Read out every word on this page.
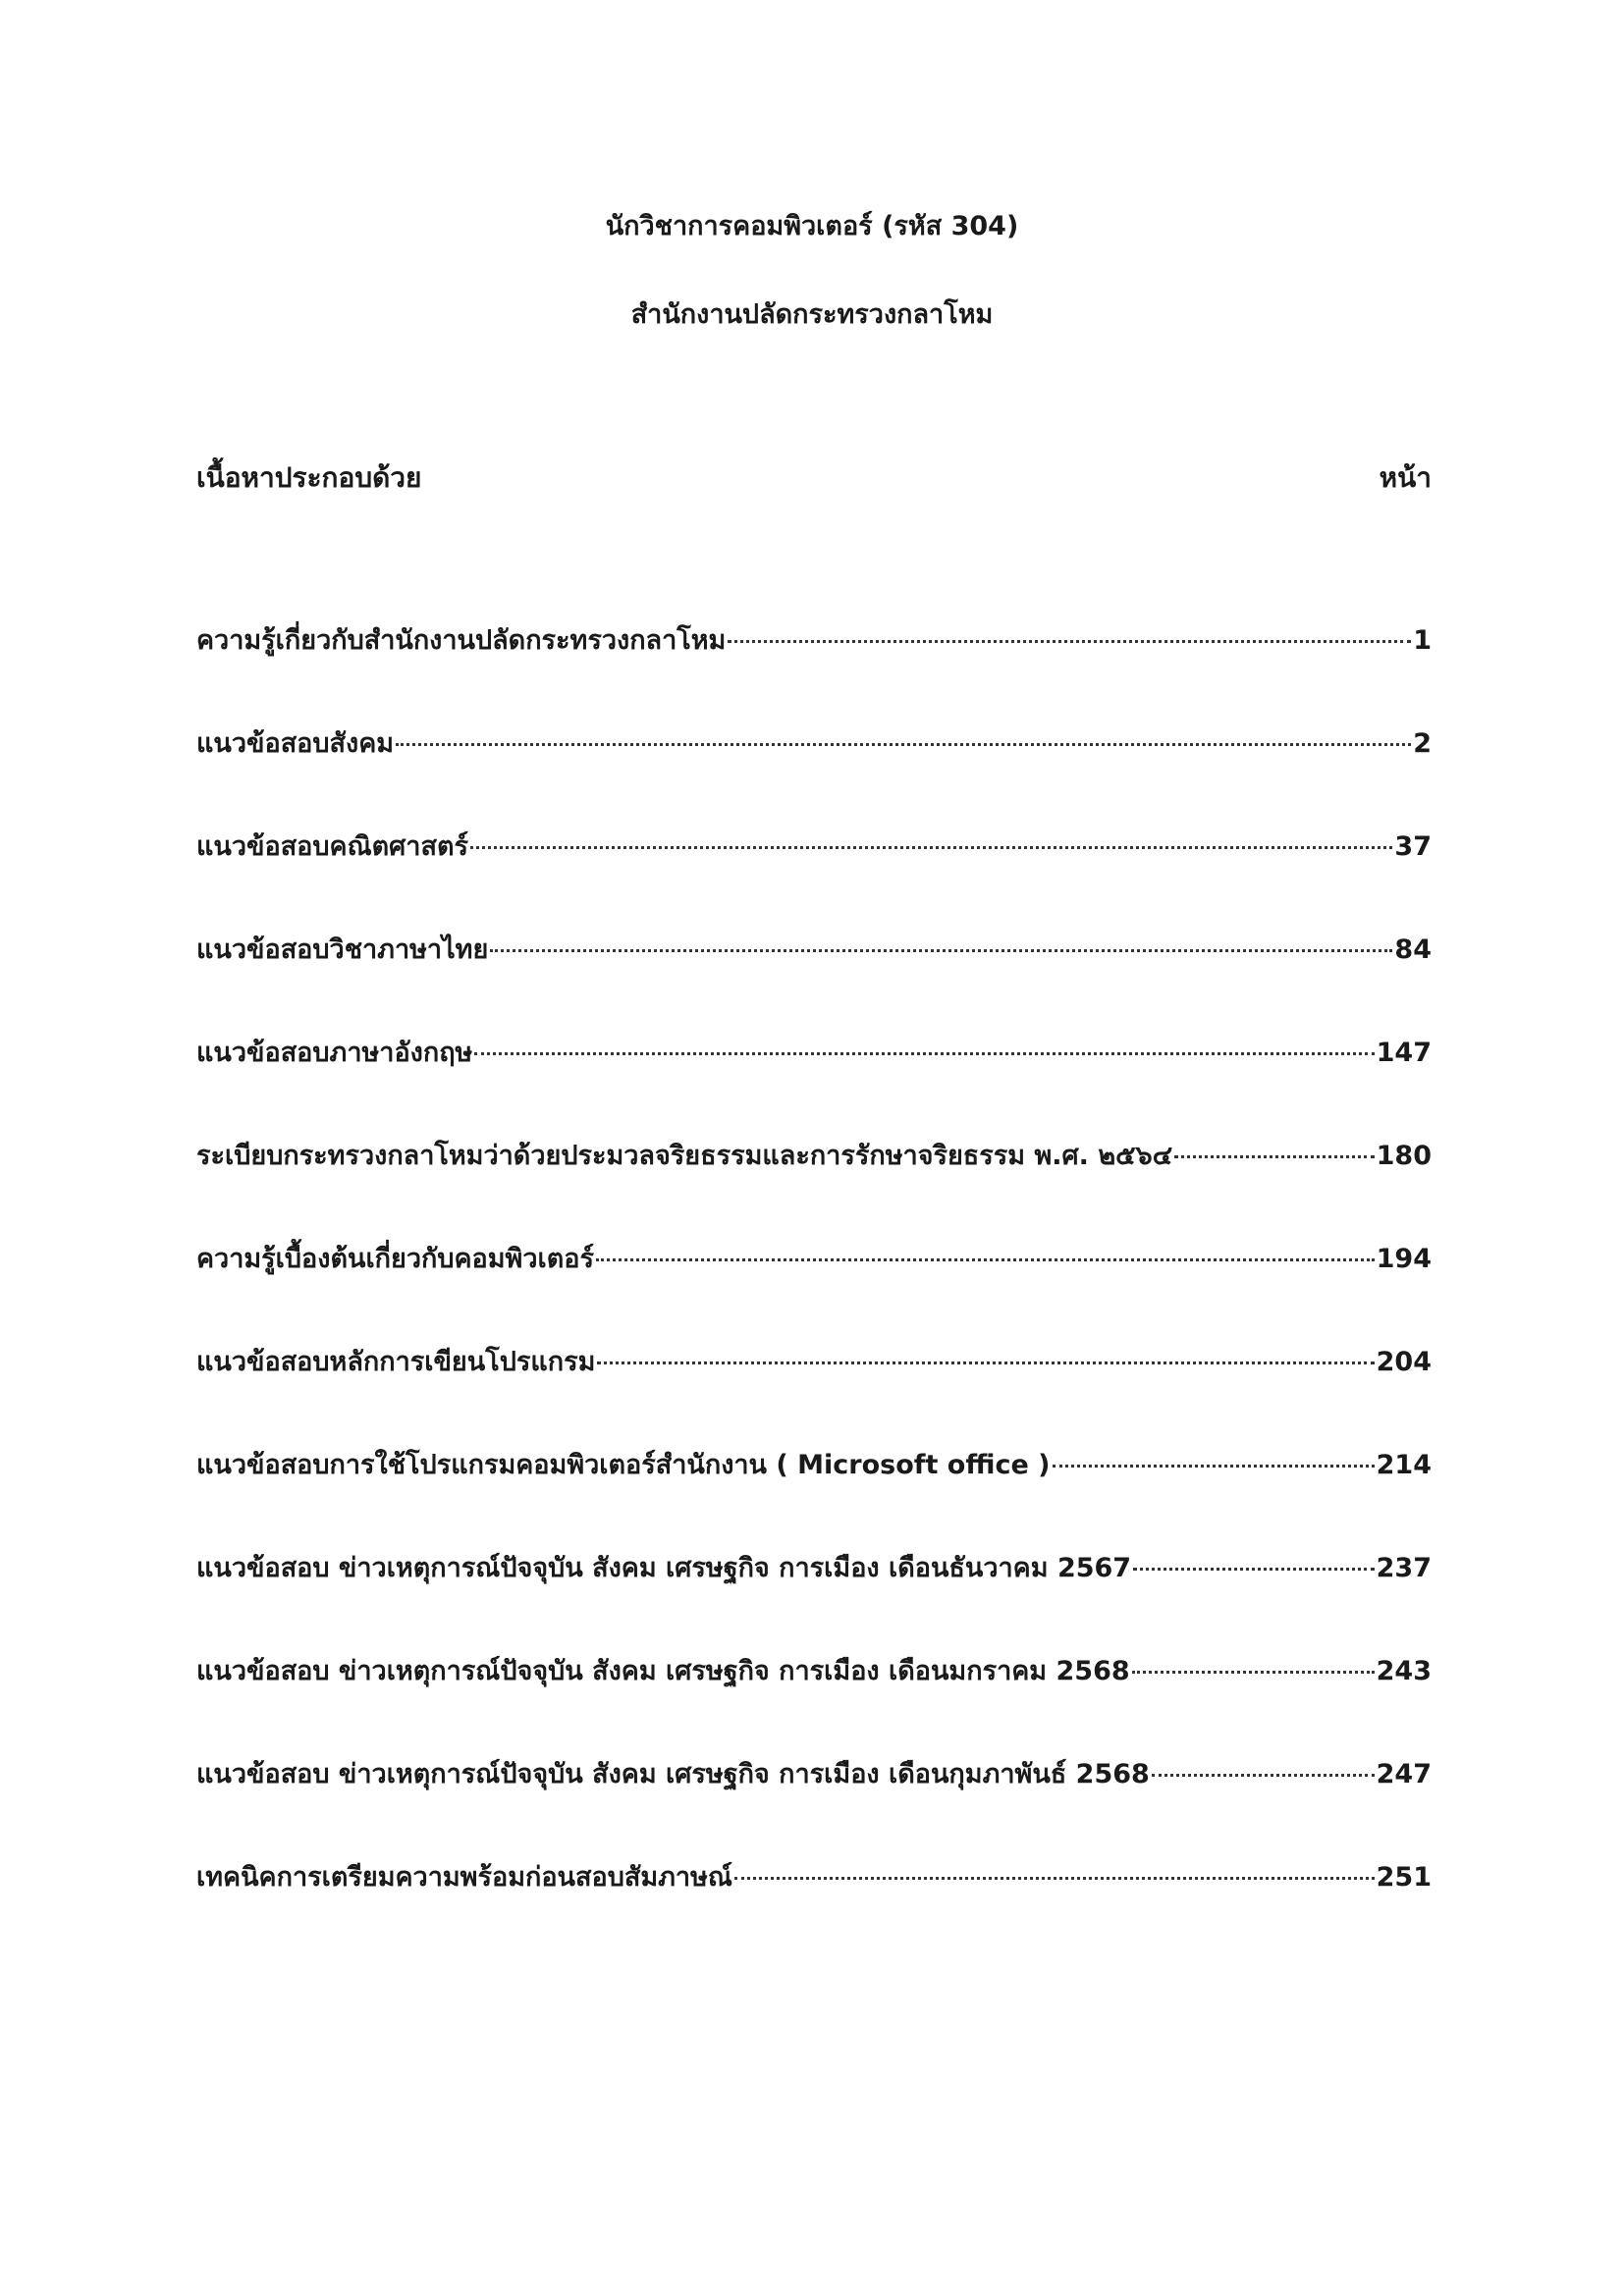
นักวิชาการคอมพิวเตอร์ (รหัส 304)
สำนักงานปลัดกระทรวงกลาโหม
เนื้อหาประกอบด้วย	หน้า
ความรู้เกี่ยวกับสำนักงานปลัดกระทรวงกลาโหม	1
แนวข้อสอบสังคม	2
แนวข้อสอบคณิตศาสตร์	37
แนวข้อสอบวิชาภาษาไทย	84
แนวข้อสอบภาษาอังกฤษ	147
ระเบียบกระทรวงกลาโหมว่าด้วยประมวลจริยธรรมและการรักษาจริยธรรม พ.ศ. ๒๕๖๔	180
ความรู้เบื้องต้นเกี่ยวกับคอมพิวเตอร์	194
แนวข้อสอบหลักการเขียนโปรแกรม	204
แนวข้อสอบการใช้โปรแกรมคอมพิวเตอร์สำนักงาน ( Microsoft office )	214
แนวข้อสอบ ข่าวเหตุการณ์ปัจจุบัน สังคม เศรษฐกิจ การเมือง เดือนธันวาคม 2567	237
แนวข้อสอบ ข่าวเหตุการณ์ปัจจุบัน สังคม เศรษฐกิจ การเมือง เดือนมกราคม 2568	243
แนวข้อสอบ ข่าวเหตุการณ์ปัจจุบัน สังคม เศรษฐกิจ การเมือง เดือนกุมภาพันธ์ 2568	247
เทคนิคการเตรียมความพร้อมก่อนสอบสัมภาษณ์	251
